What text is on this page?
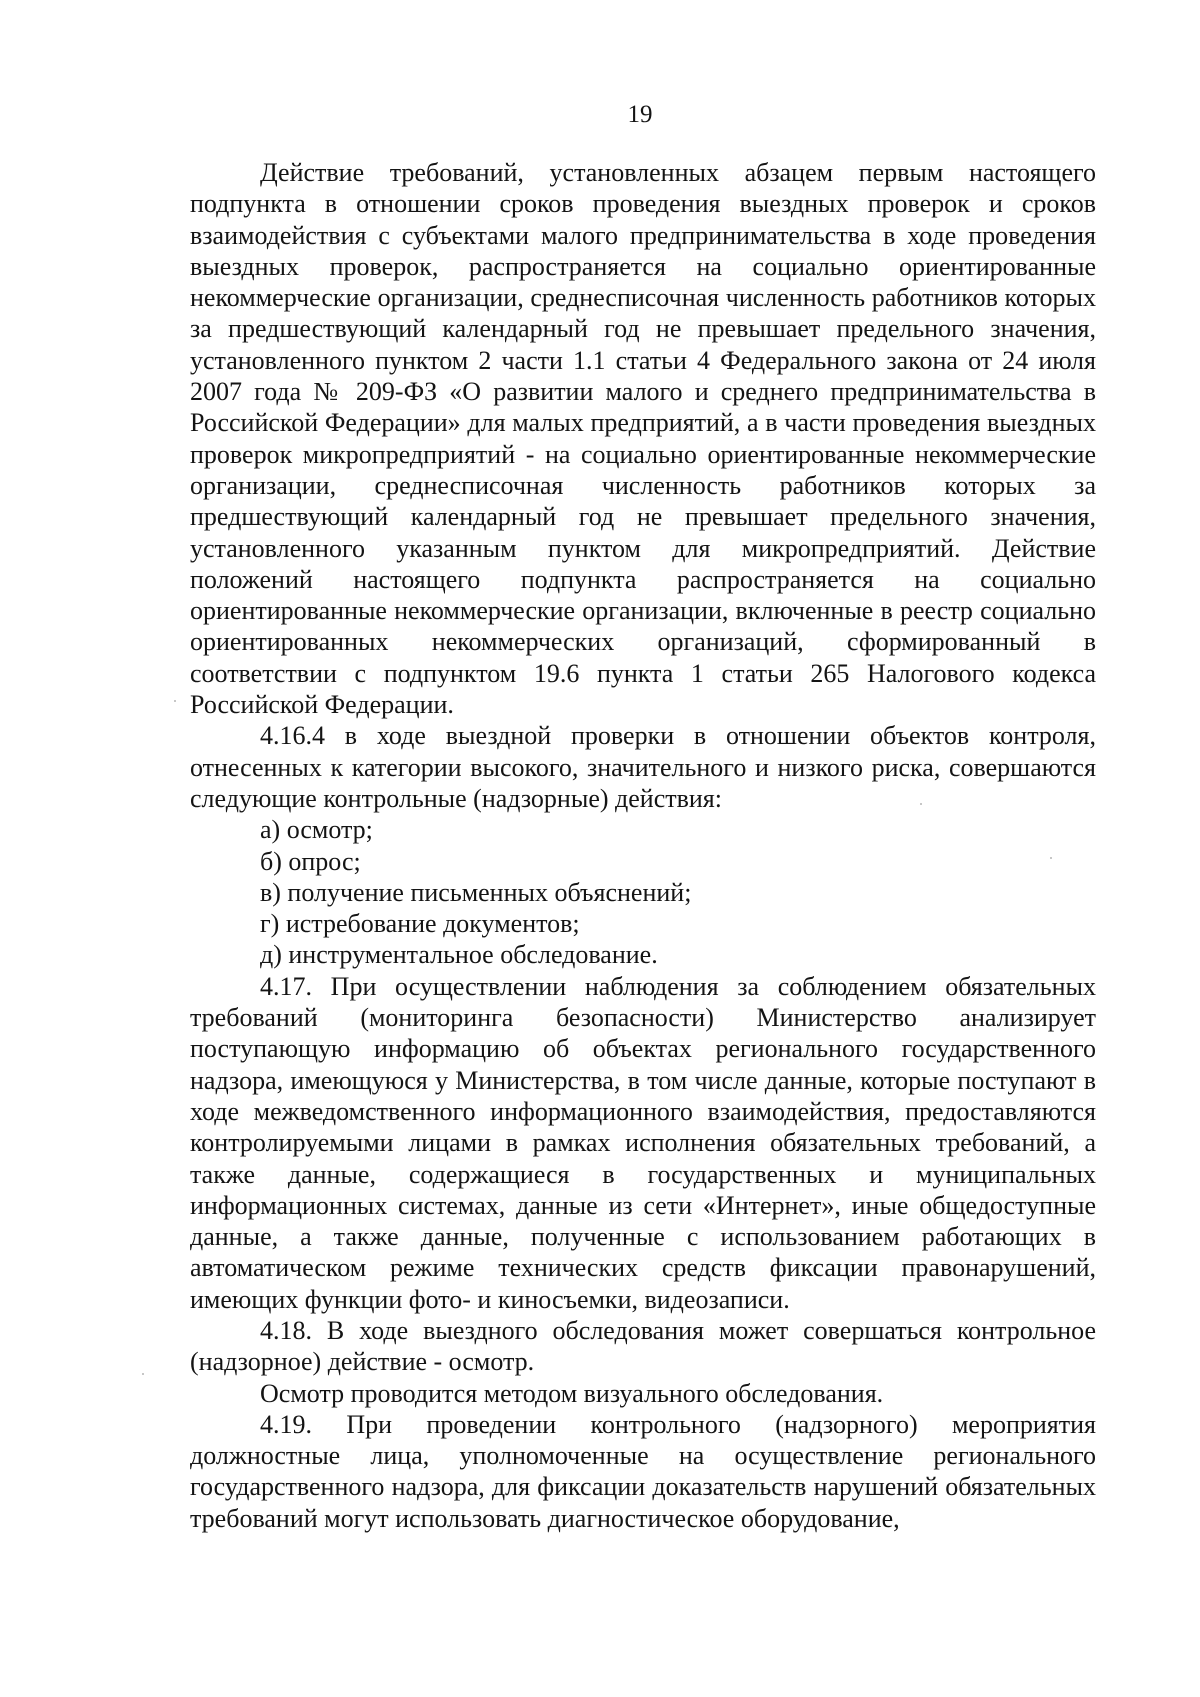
19

Действие требований, установленных абзацем первым настоящего подпункта в отношении сроков проведения выездных проверок и сроков взаимодействия с субъектами малого предпринимательства в ходе проведения выездных проверок, распространяется на социально ориентированные некоммерческие организации, среднесписочная численность работников которых за предшествующий календарный год не превышает предельного значения, установленного пунктом 2 части 1.1 статьи 4 Федерального закона от 24 июля 2007 года № 209-ФЗ «О развитии малого и среднего предпринимательства в Российской Федерации» для малых предприятий, а в части проведения выездных проверок микропредприятий - на социально ориентированные некоммерческие организации, среднесписочная численность работников которых за предшествующий календарный год не превышает предельного значения, установленного указанным пунктом для микропредприятий. Действие положений настоящего подпункта распространяется на социально ориентированные некоммерческие организации, включенные в реестр социально ориентированных некоммерческих организаций, сформированный в соответствии с подпунктом 19.6 пункта 1 статьи 265 Налогового кодекса Российской Федерации.

4.16.4 в ходе выездной проверки в отношении объектов контроля, отнесенных к категории высокого, значительного и низкого риска, совершаются следующие контрольные (надзорные) действия:

а) осмотр;
б) опрос;
в) получение письменных объяснений;
г) истребование документов;
д) инструментальное обследование.

4.17. При осуществлении наблюдения за соблюдением обязательных требований (мониторинга безопасности) Министерство анализирует поступающую информацию об объектах регионального государственного надзора, имеющуюся у Министерства, в том числе данные, которые поступают в ходе межведомственного информационного взаимодействия, предоставляются контролируемыми лицами в рамках исполнения обязательных требований, а также данные, содержащиеся в государственных и муниципальных информационных системах, данные из сети «Интернет», иные общедоступные данные, а также данные, полученные с использованием работающих в автоматическом режиме технических средств фиксации правонарушений, имеющих функции фото- и киносъемки, видеозаписи.

4.18. В ходе выездного обследования может совершаться контрольное (надзорное) действие - осмотр.

Осмотр проводится методом визуального обследования.

4.19. При проведении контрольного (надзорного) мероприятия должностные лица, уполномоченные на осуществление регионального государственного надзора, для фиксации доказательств нарушений обязательных требований могут использовать диагностическое оборудование,
